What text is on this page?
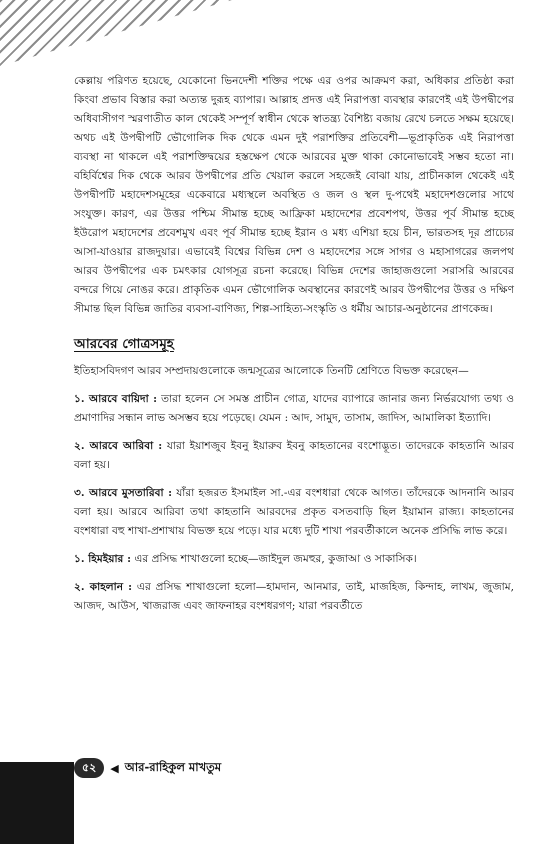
কেল্লায় পরিণত হয়েছে, যেকোনো ভিনদেশী শক্তির পক্ষে এর ওপর আক্রমণ করা, অধিকার প্রতিষ্ঠা করা কিংবা প্রভাব বিস্তার করা অত্যন্ত দুরূহ ব্যাপার। আল্লাহ প্রদত্ত এই নিরাপত্তা ব্যবস্থার কারণেই এই উপদ্বীপের অধিবাসীগণ স্মরণাতীত কাল থেকেই সম্পূর্ণ স্বাধীন থেকে স্বাতন্ত্র্য বৈশিষ্ট্য বজায় রেখে চলতে সক্ষম হয়েছে। অথচ এই উপদ্বীপটি ভৌগোলিক দিক থেকে এমন দুই পরাশক্তির প্রতিবেশী—ভূপ্রাকৃতিক এই নিরাপত্তা ব্যবস্থা না থাকলে এই পরাশক্তিদ্বয়ের হস্তক্ষেপ থেকে আরবের মুক্ত থাকা কোনোভাবেই সম্ভব হতো না। বহির্বিশ্বের দিক থেকে আরব উপদ্বীপের প্রতি খেয়াল করলে সহজেই বোঝা যায়, প্রাচীনকাল থেকেই এই উপদ্বীপটি মহাদেশসমূহের একেবারে মধ্যস্থলে অবস্থিত ও জল ও স্থল দু-পথেই মহাদেশগুলোর সাথে সংযুক্ত। কারণ, এর উত্তর পশ্চিম সীমান্ত হচ্ছে আফ্রিকা মহাদেশের প্রবেশপথ, উত্তর পূর্ব সীমান্ত হচ্ছে ইউরোপ মহাদেশের প্রবেশমুখ এবং পূর্ব সীমান্ত হচ্ছে ইরান ও মধ্য এশিয়া হয়ে চীন, ভারতসহ দূর প্রাচ্যের আসা-যাওয়ার রাজদুয়ার। এভাবেই বিশ্বের বিভিন্ন দেশ ও মহাদেশের সঙ্গে সাগর ও মহাসাগরের জলপথ আরব উপদ্বীপের এক চমৎকার যোগসূত্র রচনা করেছে। বিভিন্ন দেশের জাহাজগুলো সরাসরি আরবের বন্দরে গিয়ে নোঙর করে। প্রাকৃতিক এমন ভৌগোলিক অবস্থানের কারণেই আরব উপদ্বীপের উত্তর ও দক্ষিণ সীমান্ত ছিল বিভিন্ন জাতির ব্যবসা-বাণিজ্য, শিল্প-সাহিত্য-সংস্কৃতি ও ধর্মীয় আচার-অনুষ্ঠানের প্রাণকেন্দ্র।

আরবের গোত্রসমূহ

ইতিহাসবিদগণ আরব সম্প্রদায়গুলোকে জন্মসূত্রের আলোকে তিনটি শ্রেণিতে বিভক্ত করেছেন—

১. আরবে বায়িদা : তারা হলেন সে সমস্ত প্রাচীন গোত্র, যাদের ব্যাপারে জানার জন্য নির্ভরযোগ্য তথ্য ও প্রমাণাদির সন্ধান লাভ অসম্ভব হয়ে পড়েছে। যেমন : আদ, সামুদ, তাসাম, জাদিস, আমালিকা ইত্যাদি।

২. আরবে আরিবা : যারা ইয়াশজুব ইবনু ইয়ারুব ইবনু কাহতানের বংশোদ্ভূত। তাদেরকে কাহতানি আরব বলা হয়।

৩. আরবে মুসতারিবা : যাঁরা হজরত ইসমাইল সা.-এর বংশধারা থেকে আগত। তাঁদেরকে আদনানি আরব বলা হয়। আরবে আরিবা তথা কাহতানি আরবদের প্রকৃত বসতবাড়ি ছিল ইয়ামান রাজ্য। কাহতানের বংশধারা বহু শাখা-প্রশাখায় বিভক্ত হয়ে পড়ে। যার মধ্যে দুটি শাখা পরবর্তীকালে অনেক প্রসিদ্ধি লাভ করে।

১. হিমইয়ার : এর প্রসিদ্ধ শাখাগুলো হচ্ছে—জাইদুল জমহুর, কুজাআ ও সাকাসিক।

২. কাহলান : এর প্রসিদ্ধ শাখাগুলো হলো—হামদান, আনমার, তাই, মাজহিজ, কিন্দাহ, লাখম, জুজাম, আজদ, আউস, খাজরাজ এবং জাফনাহর বংশধরগণ; যারা পরবর্তীতে

৫২	◀ আর-রাহিকুল মাখতুম
